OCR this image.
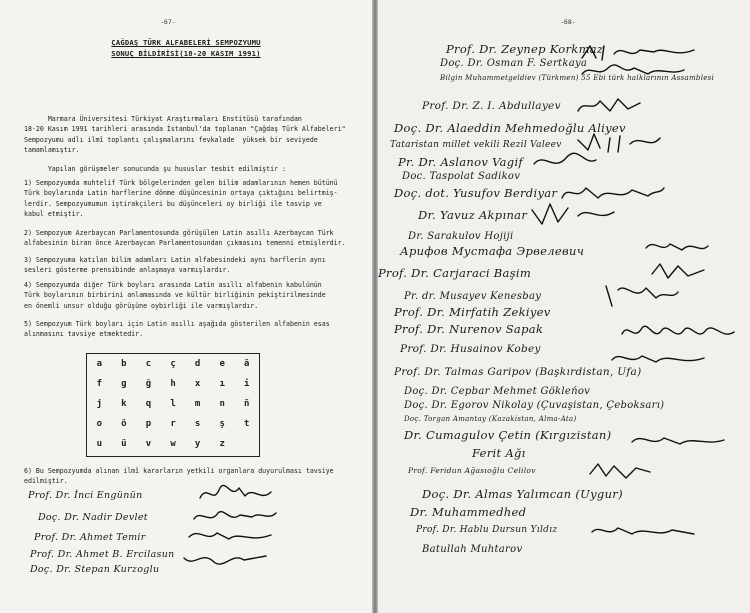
-67-
ÇAĞDAŞ TÜRK ALFABELERİ SEMPOZYUMU
SONUÇ BİLDİRİSİ(18-20 KASIM 1991)
Marmara Üniversitesi Türkiyat Araştırmaları Enstitüsü tarafından
18-20 Kasım 1991 tarihleri arasında İstanbul'da toplanan "Çağdaş Türk Alfabeleri"
Sempozyumu adlı ilmî toplantı çalışmalarını fevkalade  yüksek bir seviyede
tamamlamıştır.
Yapılan görüşmeler sonucunda şu hususlar tesbit edilmiştir :
1) Sempozyumda muhtelif Türk bölgelerinden gelen bilim adamlarının hemen bütünü
Türk boylarında Latin harflerine dönme düşüncesinin ortaya çıktığını belirtmiş-
lerdir. Sempozyumumun iştirakçileri bu düşünceleri oy birliği ile tasvip ve
kabul etmiştir.
2) Sempozyum Azerbaycan Parlamentosunda görüşülen Latin asıllı Azerbaycan Türk
alfabesinin biran önce Azerbaycan Parlamentosundan çıkmasını temenni etmişlerdir.
3) Sempozyuma katılan bilim adamları Latin alfabesindeki aynı harflerin aynı
sesleri gösterme prensibinde anlaşmaya varmışlardır.
4) Sempozyumda diğer Türk boyları arasında Latin asıllı alfabenin kabulünün
Türk boylarının birbirini anlamasında ve kültür birliğinin pekiştirilmesinde
en önemli unsur olduğu görüşüne oybirliği ile varmışlardır.
5) Sempozyum Türk boyları için Latin asıllı aşağıda gösterilen alfabenin esas
alınmasını tavsiye etmektedir.
a	b	c	ç	d	e	ä
f	g	ğ	h	x	ı	i
j	k	q	l	m	n	ñ
o	ö	p	r	s	ş	t
u	ü	v	w	y	z
6) Bu Sempozyumda alınan ilmî kararların yetkili organlara duyurulması tavsiye
edilmiştir.
Prof. Dr. İnci Engünün
Doç. Dr. Nadir Devlet
Prof. Dr. Ahmet Temir
Prof. Dr. Ahmet B. Ercilasun
Doç. Dr. Stepan Kurzoglu
-68-
Prof. Dr. Zeynep Korkmaz
Doç. Dr. Osman F. Sertkaya
Bilgin Muhammetgeldiev (Türkmen) 55 Ebi türk halklarının Assamblesi
Prof. Dr. Z. I. Abdullayev
Doç. Dr. Alaeddin Mehmedoğlu Aliyev
Tataristan millet vekili Rezil Valeev
Pr. Dr. Aslanov Vagif
Doc. Taspolat Sadikov
Doç. dot. Yusufov Berdiyar
Dr. Yavuz Akpınar
Dr. Sarakulov Hojiji
Арифов Мустафа Эрвелевич
Prof. Dr. Carjaraci Başim
Pr. dr. Musayev Kenesbay
Prof. Dr. Mirfatih Zekiyev
Prof. Dr. Nurenov Sapak
Prof. Dr. Husainov Kobey
Prof. Dr. Talmas Garipov (Başkırdistan, Ufa)
Doç. Dr. Cepbar Mehmet Gökleńov
Doç. Dr. Egorov Nikolay (Çuvaşistan, Çeboksarı)
Doç. Torgan Amantay (Kazakistan, Alma-Ata)
Dr. Cumagulov Çetin (Kırgızistan)
Ferit Ağı
Prof. Feridun Ağasıoğlu Celilov
Doç. Dr. Almas Yalımcan (Uygur)
Dr. Muhammedhed
Prof. Dr. Hablu Dursun Yıldız
Batullah Muhtarov
